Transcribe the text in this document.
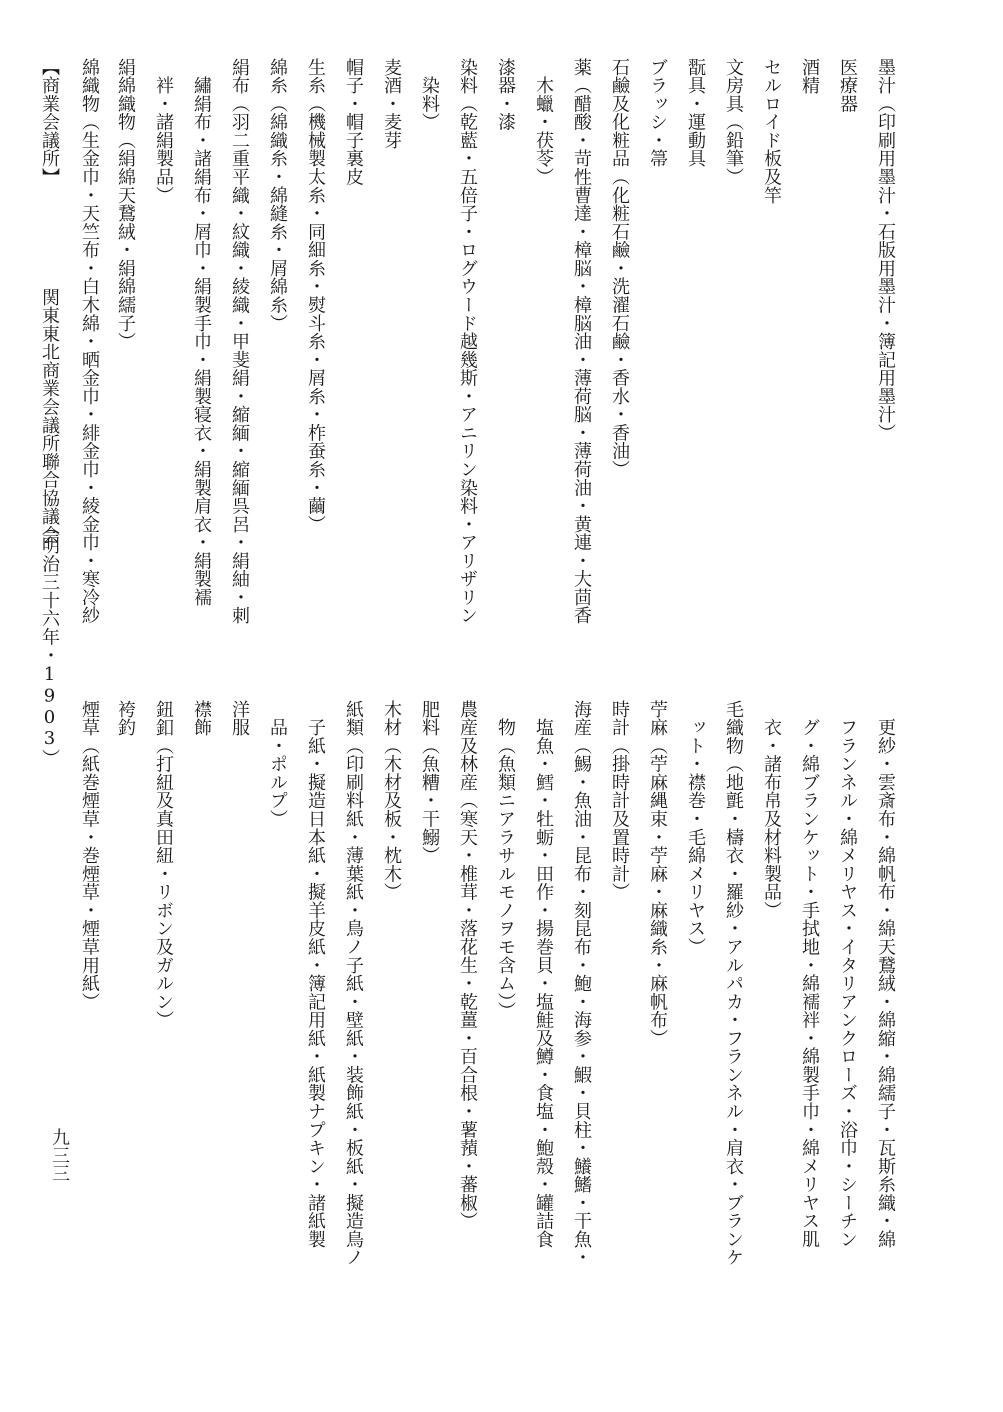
墨汁（印刷用墨汁・石版用墨汁・簿記用墨汁）
医療器
酒精
セルロイド板及竿
文房具（鉛筆）
翫具・運動具
ブラッシ・箒
石鹼及化粧品（化粧石鹼・洗濯石鹼・香水・香油）
薬（醋酸・苛性曹達・樟脳・樟脳油・薄荷脳・薄荷油・黄連・大茴香
　木蠟・茯苓）
漆器・漆
染料（乾藍・五倍子・ログウード越幾斯・アニリン染料・アリザリン
　染料）
麦酒・麦芽
帽子・帽子裏皮
生糸（機械製太糸・同細糸・熨斗糸・屑糸・柞蚕糸・繭）
綿糸（綿織糸・綿縫糸・屑綿糸）
絹布（羽二重平織・紋織・綾織・甲斐絹・縮緬・縮緬呉呂・絹紬・刺
　繡絹布・諸絹布・屑巾・絹製手巾・絹製寝衣・絹製肩衣・絹製襦
　袢・諸絹製品）
絹綿織物（絹綿天鵞絨・絹綿繻子）
綿織物（生金巾・天竺布・白木綿・晒金巾・緋金巾・綾金巾・寒冷紗
【商業会議所】
関東東北商業会議所聯合協議会
（明治三十六年・1903）
　更紗・雲斎布・綿帆布・綿天鵞絨・綿縮・綿繻子・瓦斯糸織・綿
　フランネル・綿メリヤス・イタリアンクローズ・浴巾・シーチン
　グ・綿ブランケット・手拭地・綿襦袢・綿製手巾・綿メリヤス肌
　衣・諸布帛及材料製品）
毛織物（地氈・檮衣・羅紗・アルパカ・フランネル・肩衣・ブランケ
　ット・襟巻・毛綿メリヤス）
苧麻（苧麻縄束・苧麻・麻織糸・麻帆布）
時計（掛時計及置時計）
海産（鯣・魚油・昆布・刻昆布・鮑・海参・鰕・貝柱・鱶鰭・干魚・
　塩魚・鱈・牡蛎・田作・揚巻貝・塩鮭及鱒・食塩・鮑殼・罐詰食
　物（魚類ニアラサルモノヲモ含ム））
農産及林産（寒天・椎茸・落花生・乾薑・百合根・薯蕷・蕃椒）
肥料（魚糟・干鰯）
木材（木材及板・枕木）
紙類（印刷料紙・薄葉紙・鳥ノ子紙・壁紙・装飾紙・板紙・擬造鳥ノ
　子紙・擬造日本紙・擬羊皮紙・簿記用紙・紙製ナプキン・諸紙製
　品・ポルプ）
洋服
襟飾
鈕釦（打紐及真田紐・リボン及ガルン）
袴釣
煙草（紙巻煙草・巻煙草・煙草用紙）
九三三
